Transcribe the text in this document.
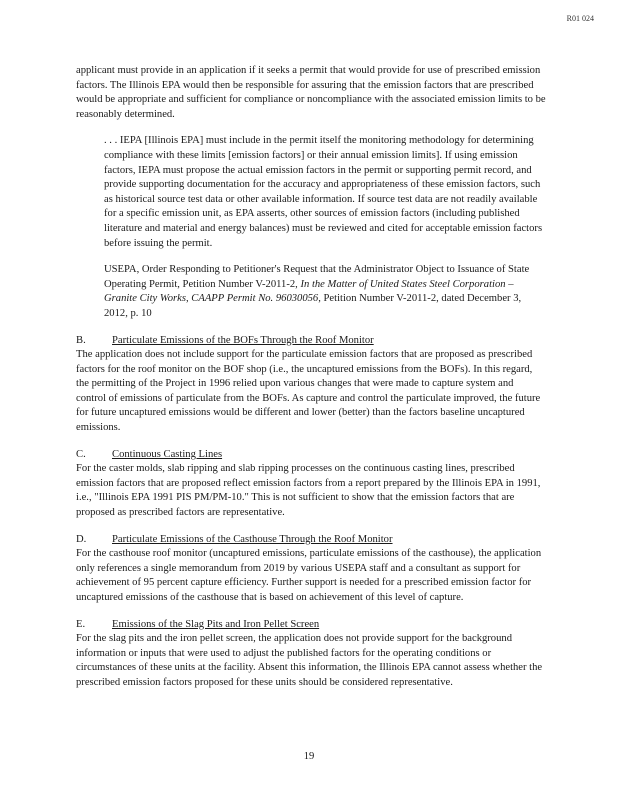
R01 024

applicant must provide in an application if it seeks a permit that would provide for use of prescribed emission factors. The Illinois EPA would then be responsible for assuring that the emission factors that are prescribed would be appropriate and sufficient for compliance or noncompliance with the associated emission limits to be reasonably determined.

. . . IEPA [Illinois EPA] must include in the permit itself the monitoring methodology for determining compliance with these limits [emission factors] or their annual emission limits]. If using emission factors, IEPA must propose the actual emission factors in the permit or supporting permit record, and provide supporting documentation for the accuracy and appropriateness of these emission factors, such as historical source test data or other available information. If source test data are not readily available for a specific emission unit, as EPA asserts, other sources of emission factors (including published literature and material and energy balances) must be reviewed and cited for acceptable emission factors before issuing the permit.

USEPA, Order Responding to Petitioner's Request that the Administrator Object to Issuance of State Operating Permit, Petition Number V-2011-2, In the Matter of United States Steel Corporation – Granite City Works, CAAPP Permit No. 96030056, Petition Number V-2011-2, dated December 3, 2012, p. 10

B.	Particulate Emissions of the BOFs Through the Roof Monitor

The application does not include support for the particulate emission factors that are proposed as prescribed factors for the roof monitor on the BOF shop (i.e., the uncaptured emissions from the BOFs). In this regard, the permitting of the Project in 1996 relied upon various changes that were made to capture system and control of emissions of particulate from the BOFs. As capture and control the particulate improved, the future for future uncaptured emissions would be different and lower (better) than the factors baseline uncaptured emissions.

C.	Continuous Casting Lines

For the caster molds, slab ripping and slab ripping processes on the continuous casting lines, prescribed emission factors that are proposed reflect emission factors from a report prepared by the Illinois EPA in 1991, i.e., "Illinois EPA 1991 PIS PM/PM-10." This is not sufficient to show that the emission factors that are proposed as prescribed factors are representative.

D.	Particulate Emissions of the Casthouse Through the Roof Monitor

For the casthouse roof monitor (uncaptured emissions, particulate emissions of the casthouse), the application only references a single memorandum from 2019 by various USEPA staff and a consultant as support for achievement of 95 percent capture efficiency. Further support is needed for a prescribed emission factor for uncaptured emissions of the casthouse that is based on achievement of this level of capture.

E.	Emissions of the Slag Pits and Iron Pellet Screen

For the slag pits and the iron pellet screen, the application does not provide support for the background information or inputs that were used to adjust the published factors for the operating conditions or circumstances of these units at the facility. Absent this information, the Illinois EPA cannot assess whether the prescribed emission factors proposed for these units should be considered representative.

19
